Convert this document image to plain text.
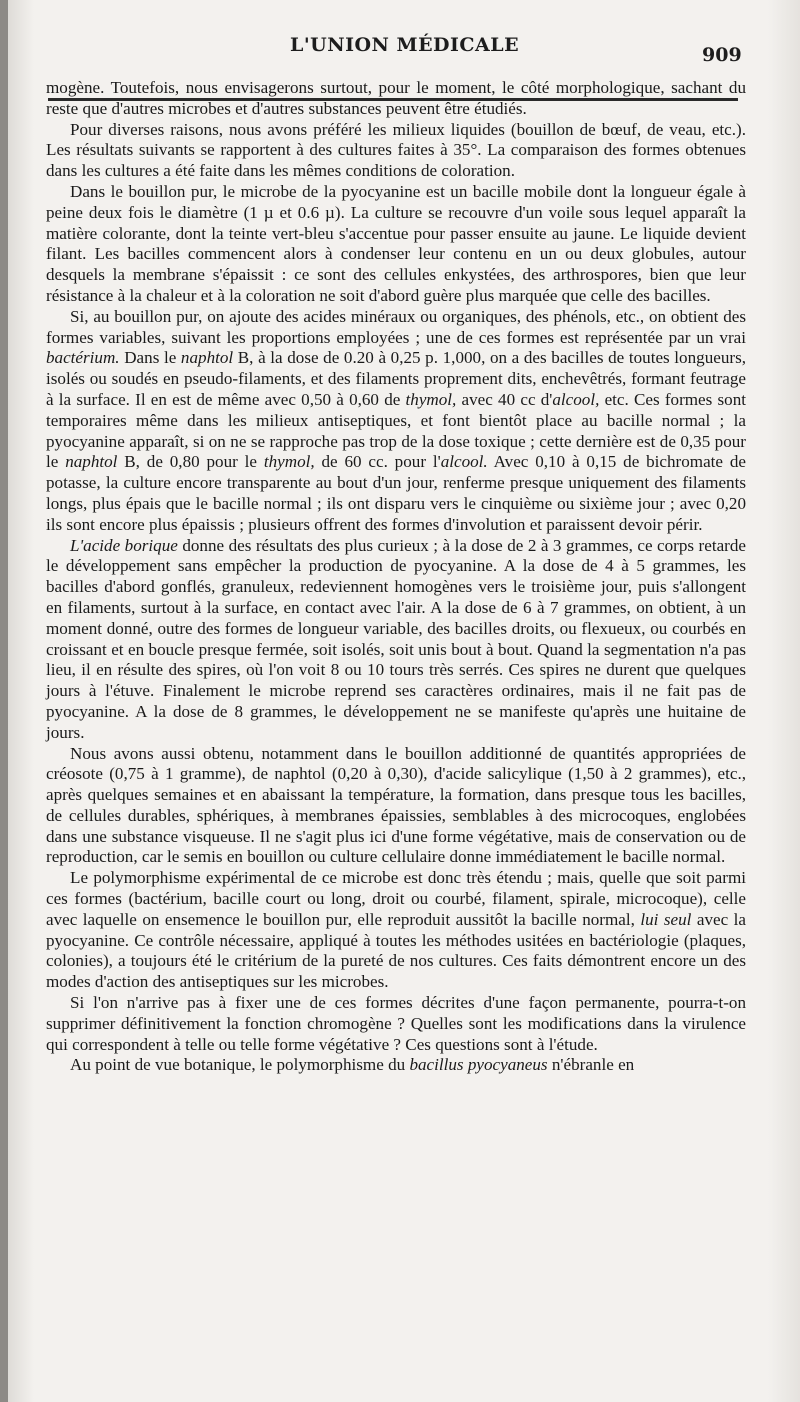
L'UNION MÉDICALE	909

mogène. Toutefois, nous envisagerons surtout, pour le moment, le côté morphologique, sachant du reste que d'autres microbes et d'autres substances peuvent être étudiés.

Pour diverses raisons, nous avons préféré les milieux liquides (bouillon de bœuf, de veau, etc.). Les résultats suivants se rapportent à des cultures faites à 35°. La comparaison des formes obtenues dans les cultures a été faite dans les mêmes conditions de coloration.

Dans le bouillon pur, le microbe de la pyocyanine est un bacille mobile dont la longueur égale à peine deux fois le diamètre (1 µ et 0.6 µ). La culture se recouvre d'un voile sous lequel apparaît la matière colorante, dont la teinte vert-bleu s'accentue pour passer ensuite au jaune. Le liquide devient filant. Les bacilles commencent alors à condenser leur contenu en un ou deux globules, autour desquels la membrane s'épaissit : ce sont des cellules enkystées, des arthrospores, bien que leur résistance à la chaleur et à la coloration ne soit d'abord guère plus marquée que celle des bacilles.

Si, au bouillon pur, on ajoute des acides minéraux ou organiques, des phénols, etc., on obtient des formes variables, suivant les proportions employées ; une de ces formes est représentée par un vrai bactérium. Dans le naphtol B, à la dose de 0.20 à 0,25 p. 1,000, on a des bacilles de toutes longueurs, isolés ou soudés en pseudo-filaments, et des filaments proprement dits, enchevêtrés, formant feutrage à la surface. Il en est de même avec 0,50 à 0,60 de thymol, avec 40 cc d'alcool, etc. Ces formes sont temporaires même dans les milieux antiseptiques, et font bientôt place au bacille normal ; la pyocyanine apparaît, si on ne se rapproche pas trop de la dose toxique ; cette dernière est de 0,35 pour le naphtol B, de 0,80 pour le thymol, de 60 cc. pour l'alcool. Avec 0,10 à 0,15 de bichromate de potasse, la culture encore transparente au bout d'un jour, renferme presque uniquement des filaments longs, plus épais que le bacille normal ; ils ont disparu vers le cinquième ou sixième jour ; avec 0,20 ils sont encore plus épaissis ; plusieurs offrent des formes d'involution et paraissent devoir périr.

L'acide borique donne des résultats des plus curieux ; à la dose de 2 à 3 grammes, ce corps retarde le développement sans empêcher la production de pyocyanine. A la dose de 4 à 5 grammes, les bacilles d'abord gonflés, granuleux, redeviennent homogènes vers le troisième jour, puis s'allongent en filaments, surtout à la surface, en contact avec l'air. A la dose de 6 à 7 grammes, on obtient, à un moment donné, outre des formes de longueur variable, des bacilles droits, ou flexueux, ou courbés en croissant et en boucle presque fermée, soit isolés, soit unis bout à bout. Quand la segmentation n'a pas lieu, il en résulte des spires, où l'on voit 8 ou 10 tours très serrés. Ces spires ne durent que quelques jours à l'étuve. Finalement le microbe reprend ses caractères ordinaires, mais il ne fait pas de pyocyanine. A la dose de 8 grammes, le développement ne se manifeste qu'après une huitaine de jours.

Nous avons aussi obtenu, notamment dans le bouillon additionné de quantités appropriées de créosote (0,75 à 1 gramme), de naphtol (0,20 à 0,30), d'acide salicylique (1,50 à 2 grammes), etc., après quelques semaines et en abaissant la température, la formation, dans presque tous les bacilles, de cellules durables, sphériques, à membranes épaissies, semblables à des microcoques, englobées dans une substance visqueuse. Il ne s'agit plus ici d'une forme végétative, mais de conservation ou de reproduction, car le semis en bouillon ou culture cellulaire donne immédiatement le bacille normal.

Le polymorphisme expérimental de ce microbe est donc très étendu ; mais, quelle que soit parmi ces formes (bactérium, bacille court ou long, droit ou courbé, filament, spirale, microcoque), celle avec laquelle on ensemence le bouillon pur, elle reproduit aussitôt la bacille normal, lui seul avec la pyocyanine. Ce contrôle nécessaire, appliqué à toutes les méthodes usitées en bactériologie (plaques, colonies), a toujours été le critérium de la pureté de nos cultures. Ces faits démontrent encore un des modes d'action des antiseptiques sur les microbes.

Si l'on n'arrive pas à fixer une de ces formes décrites d'une façon permanente, pourra-t-on supprimer définitivement la fonction chromogène ? Quelles sont les modifications dans la virulence qui correspondent à telle ou telle forme végétative ? Ces questions sont à l'étude.

Au point de vue botanique, le polymorphisme du bacillus pyocyaneus n'ébranle en
